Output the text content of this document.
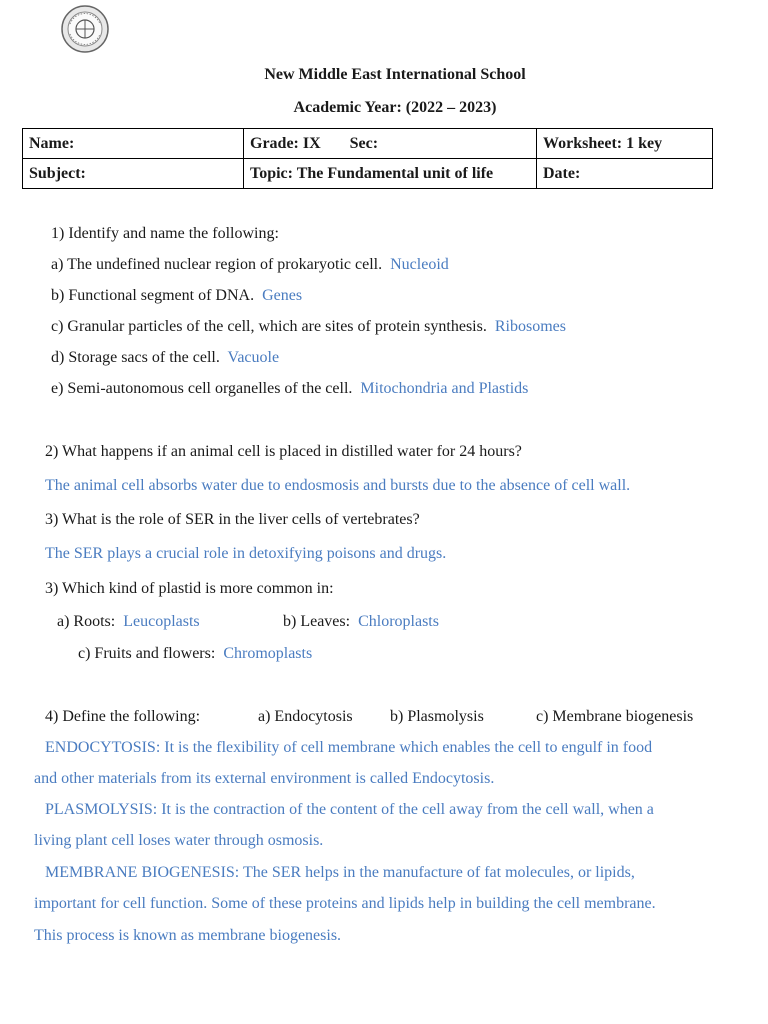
New Middle East International School
Academic Year: (2022 – 2023)
Name:	Grade: IX Sec:	Worksheet: 1 key
Subject:	Topic: The Fundamental unit of life	Date:
1) Identify and name the following:
a) The undefined nuclear region of prokaryotic cell. Nucleoid
b) Functional segment of DNA. Genes
c) Granular particles of the cell, which are sites of protein synthesis. Ribosomes
d) Storage sacs of the cell. Vacuole
e) Semi-autonomous cell organelles of the cell. Mitochondria and Plastids
2) What happens if an animal cell is placed in distilled water for 24 hours?
The animal cell absorbs water due to endosmosis and bursts due to the absence of cell wall.
3) What is the role of SER in the liver cells of vertebrates?
The SER plays a crucial role in detoxifying poisons and drugs.
3) Which kind of plastid is more common in:
a) Roots: Leucoplasts	b) Leaves: Chloroplasts
c) Fruits and flowers: Chromoplasts
4) Define the following:	a) Endocytosis b) Plasmolysis	c) Membrane biogenesis
ENDOCYTOSIS: It is the flexibility of cell membrane which enables the cell to engulf in food
and other materials from its external environment is called Endocytosis.
PLASMOLYSIS: It is the contraction of the content of the cell away from the cell wall, when a
living plant cell loses water through osmosis.
MEMBRANE BIOGENESIS: The SER helps in the manufacture of fat molecules, or lipids,
important for cell function. Some of these proteins and lipids help in building the cell membrane.
This process is known as membrane biogenesis.
